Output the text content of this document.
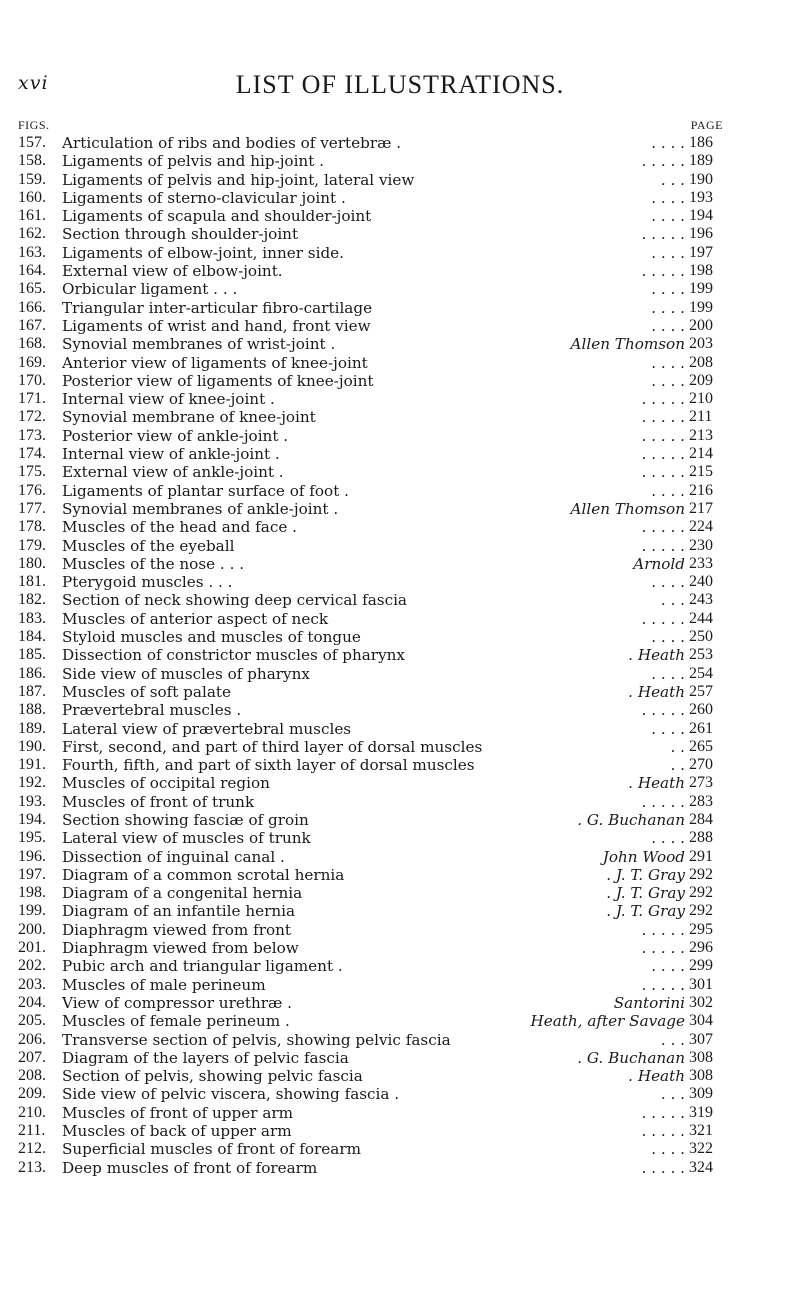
xvi	LIST OF ILLUSTRATIONS.
FIGS.	PAGE
157.	Articulation of ribs and bodies of vertebræ .	. . . . 186
158.	Ligaments of pelvis and hip-joint .	. . . . . 189
159.	Ligaments of pelvis and hip-joint, lateral view	. . . 190
160.	Ligaments of sterno-clavicular joint .	. . . . 193
161.	Ligaments of scapula and shoulder-joint	. . . . 194
162.	Section through shoulder-joint	. . . . . 196
163.	Ligaments of elbow-joint, inner side.	. . . . 197
164.	External view of elbow-joint.	. . . . . 198
165.	Orbicular ligament . . .	. . . . 199
166.	Triangular inter-articular fibro-cartilage	. . . . 199
167.	Ligaments of wrist and hand, front view	. . . . 200
168.	Synovial membranes of wrist-joint .	Allen Thomson 203
169.	Anterior view of ligaments of knee-joint	. . . . 208
170.	Posterior view of ligaments of knee-joint	. . . . 209
171.	Internal view of knee-joint .	. . . . . 210
172.	Synovial membrane of knee-joint	. . . . . 211
173.	Posterior view of ankle-joint .	. . . . . 213
174.	Internal view of ankle-joint .	. . . . . 214
175.	External view of ankle-joint .	. . . . . 215
176.	Ligaments of plantar surface of foot .	. . . . 216
177.	Synovial membranes of ankle-joint .	Allen Thomson 217
178.	Muscles of the head and face .	. . . . . 224
179.	Muscles of the eyeball	. . . . . 230
180.	Muscles of the nose . . .	Arnold 233
181.	Pterygoid muscles . . .	. . . . 240
182.	Section of neck showing deep cervical fascia	. . . 243
183.	Muscles of anterior aspect of neck	. . . . . 244
184.	Styloid muscles and muscles of tongue	. . . . 250
185.	Dissection of constrictor muscles of pharynx	. Heath 253
186.	Side view of muscles of pharynx	. . . . 254
187.	Muscles of soft palate	. Heath 257
188.	Prævertebral muscles .	. . . . . 260
189.	Lateral view of prævertebral muscles	. . . . 261
190.	First, second, and part of third layer of dorsal muscles	. . 265
191.	Fourth, fifth, and part of sixth layer of dorsal muscles	. . 270
192.	Muscles of occipital region	. Heath 273
193.	Muscles of front of trunk	. . . . . 283
194.	Section showing fasciæ of groin	. G. Buchanan 284
195.	Lateral view of muscles of trunk	. . . . 288
196.	Dissection of inguinal canal .	John Wood 291
197.	Diagram of a common scrotal hernia	. J. T. Gray 292
198.	Diagram of a congenital hernia	. J. T. Gray 292
199.	Diagram of an infantile hernia	. J. T. Gray 292
200.	Diaphragm viewed from front	. . . . . 295
201.	Diaphragm viewed from below	. . . . . 296
202.	Pubic arch and triangular ligament .	. . . . 299
203.	Muscles of male perineum	. . . . . 301
204.	View of compressor urethræ .	Santorini 302
205.	Muscles of female perineum .	Heath, after Savage 304
206.	Transverse section of pelvis, showing pelvic fascia	. . . 307
207.	Diagram of the layers of pelvic fascia	. G. Buchanan 308
208.	Section of pelvis, showing pelvic fascia	. Heath 308
209.	Side view of pelvic viscera, showing fascia .	. . . 309
210.	Muscles of front of upper arm	. . . . . 319
211.	Muscles of back of upper arm	. . . . . 321
212.	Superficial muscles of front of forearm	. . . . 322
213.	Deep muscles of front of forearm	. . . . . 324
